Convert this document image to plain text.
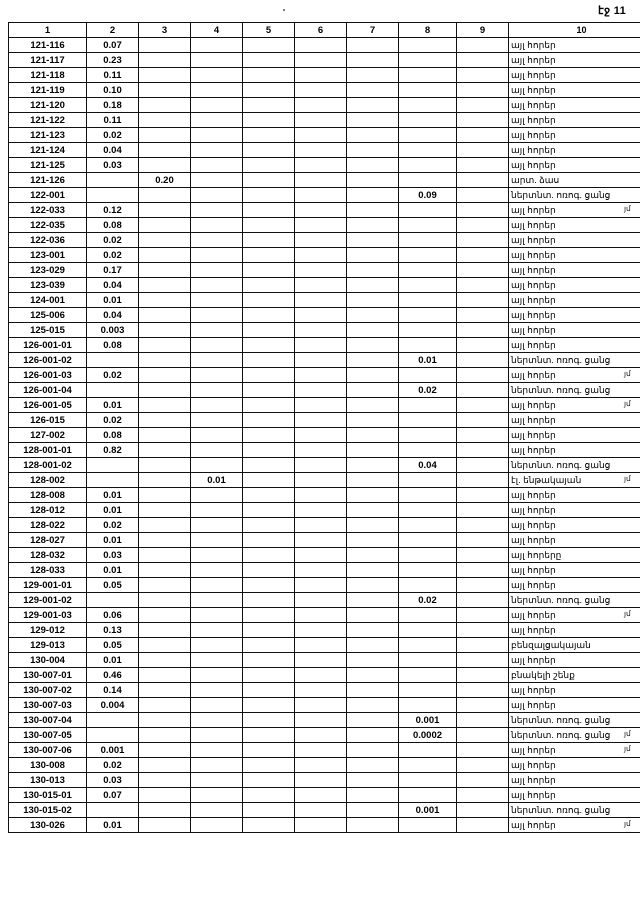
էջ 11
1	2	3	4	5	6	7	8	9	10
121-116	0.07								այլ հորեր
121-117	0.23								այլ հորեր
121-118	0.11								այլ հորեր
121-119	0.10								այլ հորեր
121-120	0.18								այլ հորեր
121-122	0.11								այլ հորեր
121-123	0.02								այլ հորեր
121-124	0.04								այլ հորեր
121-125	0.03								այլ հորեր
121-126		0.20							արտ. ձաս
122-001							0.09		ներտնտ. ոռոգ. ցանց
122-033	0.12								այլ հորեր
122-035	0.08								այլ հորեր
122-036	0.02								այլ հորեր
123-001	0.02								այլ հորեր
123-029	0.17								այլ հորեր
123-039	0.04								այլ հորեր
124-001	0.01								այլ հորեր
125-006	0.04								այլ հորեր
125-015	0.003								այլ հորեր
126-001-01	0.08								այլ հորեր
126-001-02							0.01		ներտնտ. ոռոգ. ցանց
126-001-03	0.02								այլ հորեր
126-001-04							0.02		ներտնտ. ոռոգ. ցանց
126-001-05	0.01								այլ հորեր
126-015	0.02								այլ հորեր
127-002	0.08								այլ հորեր
128-001-01	0.82								այլ հորեր
128-001-02							0.04		ներտնտ. ոռոգ. ցանց
128-002			0.01						էլ. ենթակայան
128-008	0.01								այլ հորեր
128-012	0.01								այլ հորեր
128-022	0.02								այլ հորեր
128-027	0.01								այլ հորեր
128-032	0.03								այլ հորերը
128-033	0.01								այլ հորեր
129-001-01	0.05								այլ հորեր
129-001-02							0.02		ներտնտ. ոռոգ. ցանց
129-001-03	0.06								այլ հորեր
129-012	0.13								այլ հորեր
129-013	0.05								բենզալցակայան
130-004	0.01								այլ հորեր
130-007-01	0.46								բնակելի շենք
130-007-02	0.14								այլ հորեր
130-007-03	0.004								այլ հորեր
130-007-04							0.001		ներտնտ. ոռոգ. ցանց
130-007-05							0.0002		ներտնտ. ոռոգ. ցանց
130-007-06	0.001								այլ հորեր
130-008	0.02								այլ հորեր
130-013	0.03								այլ հորեր
130-015-01	0.07								այլ հորեր
130-015-02							0.001		ներտնտ. ոռոգ. ցանց
130-026	0.01								այլ հորեր
յմ
յմ
յմ
յմ
յմ
յմ
յմ
յմ
